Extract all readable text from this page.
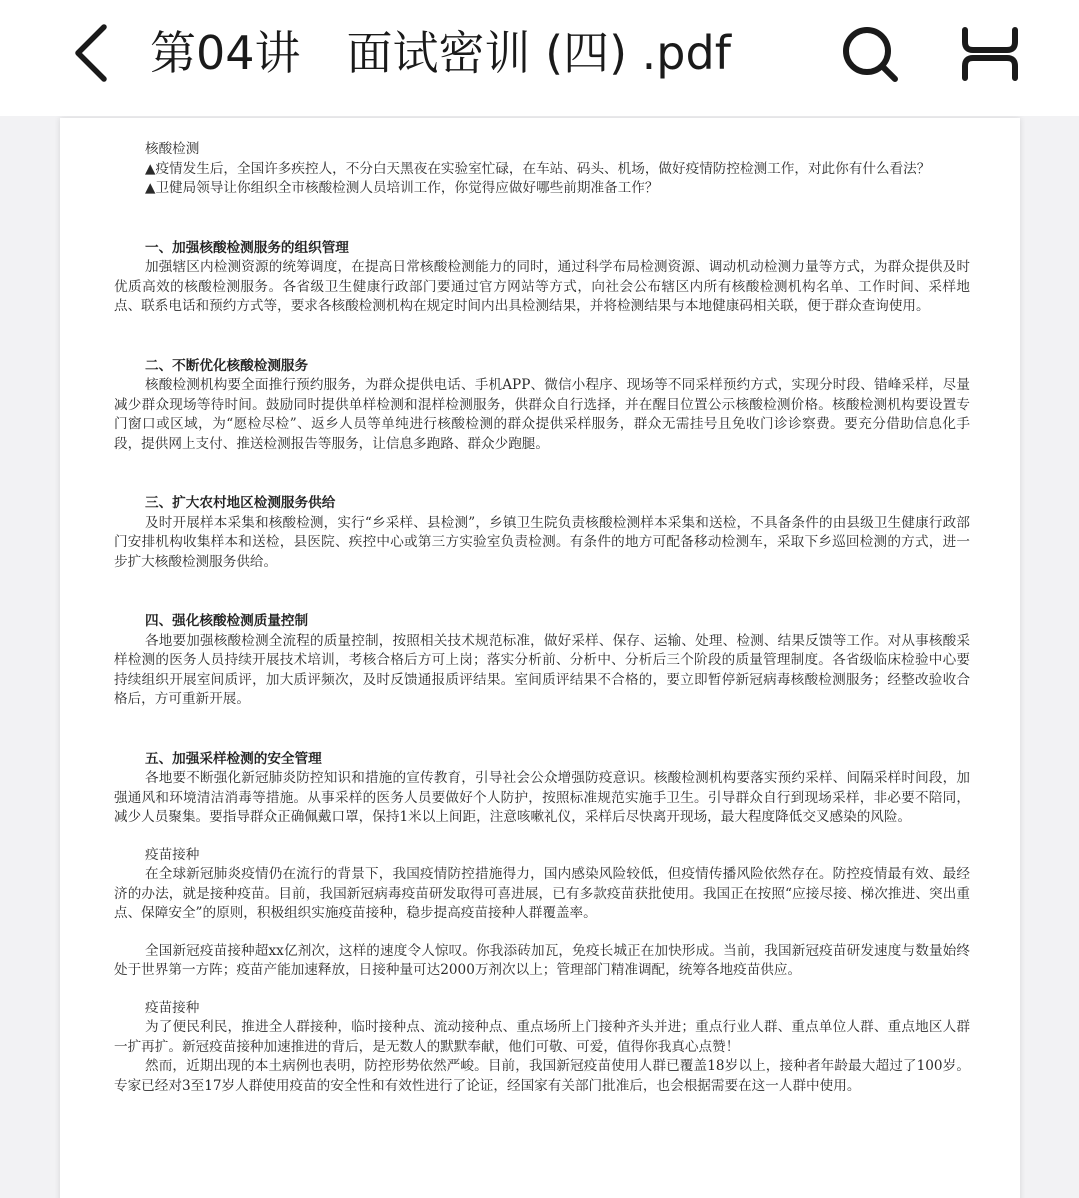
第04讲　面试密训 (四) .pdf

核酸检测

▲疫情发生后，全国许多疾控人，不分白天黑夜在实验室忙碌，在车站、码头、机场，做好疫情防控检测工作，对此你有什么看法？

▲卫健局领导让你组织全市核酸检测人员培训工作，你觉得应做好哪些前期准备工作？

一、加强核酸检测服务的组织管理

加强辖区内检测资源的统筹调度，在提高日常核酸检测能力的同时，通过科学布局检测资源、调动机动检测力量等方式，为群众提供及时优质高效的核酸检测服务。各省级卫生健康行政部门要通过官方网站等方式，向社会公布辖区内所有核酸检测机构名单、工作时间、采样地点、联系电话和预约方式等，要求各核酸检测机构在规定时间内出具检测结果，并将检测结果与本地健康码相关联，便于群众查询使用。

二、不断优化核酸检测服务

核酸检测机构要全面推行预约服务，为群众提供电话、手机APP、微信小程序、现场等不同采样预约方式，实现分时段、错峰采样，尽量减少群众现场等待时间。鼓励同时提供单样检测和混样检测服务，供群众自行选择，并在醒目位置公示核酸检测价格。核酸检测机构要设置专门窗口或区域，为“愿检尽检”、返乡人员等单纯进行核酸检测的群众提供采样服务，群众无需挂号且免收门诊诊察费。要充分借助信息化手段，提供网上支付、推送检测报告等服务，让信息多跑路、群众少跑腿。

三、扩大农村地区检测服务供给

及时开展样本采集和核酸检测，实行“乡采样、县检测”，乡镇卫生院负责核酸检测样本采集和送检，不具备条件的由县级卫生健康行政部门安排机构收集样本和送检，县医院、疾控中心或第三方实验室负责检测。有条件的地方可配备移动检测车，采取下乡巡回检测的方式，进一步扩大核酸检测服务供给。

四、强化核酸检测质量控制

各地要加强核酸检测全流程的质量控制，按照相关技术规范标准，做好采样、保存、运输、处理、检测、结果反馈等工作。对从事核酸采样检测的医务人员持续开展技术培训，考核合格后方可上岗；落实分析前、分析中、分析后三个阶段的质量管理制度。各省级临床检验中心要持续组织开展室间质评，加大质评频次，及时反馈通报质评结果。室间质评结果不合格的，要立即暂停新冠病毒核酸检测服务；经整改验收合格后，方可重新开展。

五、加强采样检测的安全管理

各地要不断强化新冠肺炎防控知识和措施的宣传教育，引导社会公众增强防疫意识。核酸检测机构要落实预约采样、间隔采样时间段，加强通风和环境清洁消毒等措施。从事采样的医务人员要做好个人防护，按照标准规范实施手卫生。引导群众自行到现场采样，非必要不陪同，减少人员聚集。要指导群众正确佩戴口罩，保持1米以上间距，注意咳嗽礼仪，采样后尽快离开现场，最大程度降低交叉感染的风险。

疫苗接种

在全球新冠肺炎疫情仍在流行的背景下，我国疫情防控措施得力，国内感染风险较低，但疫情传播风险依然存在。防控疫情最有效、最经济的办法，就是接种疫苗。目前，我国新冠病毒疫苗研发取得可喜进展，已有多款疫苗获批使用。我国正在按照“应接尽接、梯次推进、突出重点、保障安全”的原则，积极组织实施疫苗接种，稳步提高疫苗接种人群覆盖率。

全国新冠疫苗接种超xx亿剂次，这样的速度令人惊叹。你我添砖加瓦，免疫长城正在加快形成。当前，我国新冠疫苗研发速度与数量始终处于世界第一方阵；疫苗产能加速释放，日接种量可达2000万剂次以上；管理部门精准调配，统筹各地疫苗供应。

疫苗接种

为了便民利民，推进全人群接种，临时接种点、流动接种点、重点场所上门接种齐头并进；重点行业人群、重点单位人群、重点地区人群一扩再扩。新冠疫苗接种加速推进的背后，是无数人的默默奉献，他们可敬、可爱，值得你我真心点赞！

然而，近期出现的本土病例也表明，防控形势依然严峻。目前，我国新冠疫苗使用人群已覆盖18岁以上，接种者年龄最大超过了100岁。专家已经对3至17岁人群使用疫苗的安全性和有效性进行了论证，经国家有关部门批准后，也会根据需要在这一人群中使用。
